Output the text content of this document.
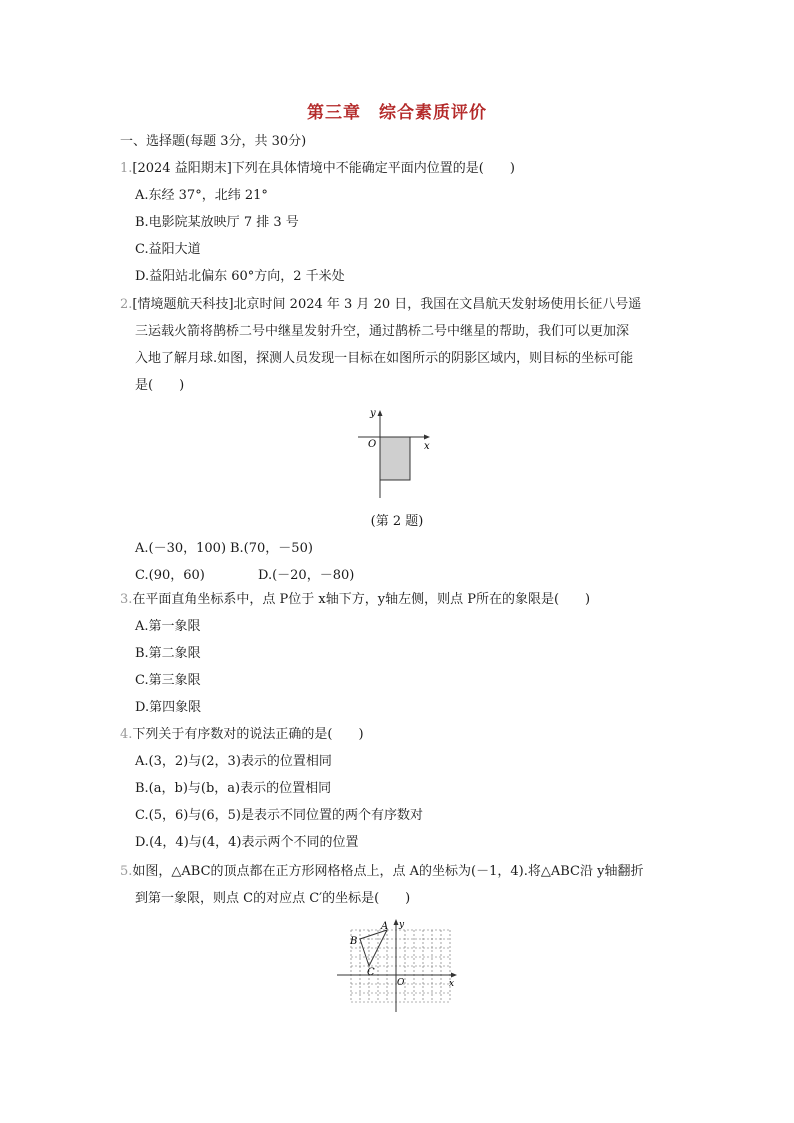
第三章　综合素质评价
一、选择题(每题 3分，共 30分)
1.[2024 益阳期末]下列在具体情境中不能确定平面内位置的是(　　)
A.东经 37°，北纬 21°
B.电影院某放映厅 7 排 3 号
C.益阳大道
D.益阳站北偏东 60°方向，2 千米处
2.[情境题航天科技]北京时间 2024 年 3 月 20 日，我国在文昌航天发射场使用长征八号遥
三运载火箭将鹊桥二号中继星发射升空，通过鹊桥二号中继星的帮助，我们可以更加深
入地了解月球.如图，探测人员发现一目标在如图所示的阴影区域内，则目标的坐标可能
是(　　)
y
x
O
(第 2 题)
A.(－30，100) B.(70，－50)
C.(90，60)	D.(－20，－80)
3.在平面直角坐标系中，点 P位于 x轴下方，y轴左侧，则点 P所在的象限是(　　)
A.第一象限
B.第二象限
C.第三象限
D.第四象限
4.下列关于有序数对的说法正确的是(　　)
A.(3，2)与(2，3)表示的位置相同
B.(a，b)与(b，a)表示的位置相同
C.(5，6)与(6，5)是表示不同位置的两个有序数对
D.(4，4)与(4，4)表示两个不同的位置
5.如图，△ABC的顶点都在正方形网格格点上，点 A的坐标为(－1，4).将△ABC沿 y轴翻折
到第一象限，则点 C的对应点 C′的坐标是(　　)
A
B
C
O	x
y
